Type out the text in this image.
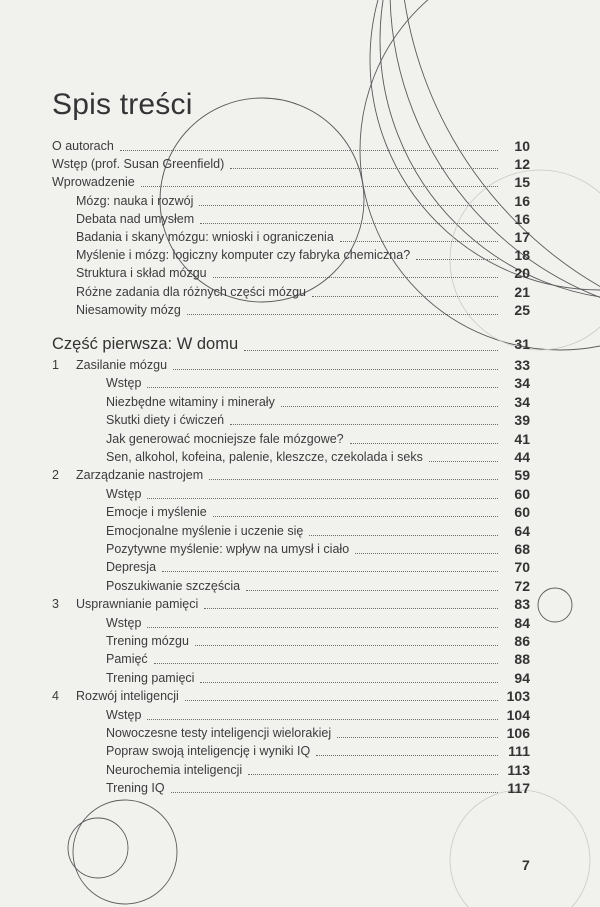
Spis treści
O autorach	10
Wstęp (prof. Susan Greenfield)	12
Wprowadzenie	15
Mózg: nauka i rozwój	16
Debata nad umysłem	16
Badania i skany mózgu: wnioski i ograniczenia	17
Myślenie i mózg: logiczny komputer czy fabryka chemiczna?	18
Struktura i skład mózgu	20
Różne zadania dla różnych części mózgu	21
Niesamowity mózg	25
Część pierwsza: W domu	31
1 Zasilanie mózgu	33
Wstęp	34
Niezbędne witaminy i minerały	34
Skutki diety i ćwiczeń	39
Jak generować mocniejsze fale mózgowe?	41
Sen, alkohol, kofeina, palenie, kleszcze, czekolada i seks	44
2 Zarządzanie nastrojem	59
Wstęp	60
Emocje i myślenie	60
Emocjonalne myślenie i uczenie się	64
Pozytywne myślenie: wpływ na umysł i ciało	68
Depresja	70
Poszukiwanie szczęścia	72
3 Usprawnianie pamięci	83
Wstęp	84
Trening mózgu	86
Pamięć	88
Trening pamięci	94
4 Rozwój inteligencji	103
Wstęp	104
Nowoczesne testy inteligencji wielorakiej	106
Popraw swoją inteligencję i wyniki IQ	111
Neurochemia inteligencji	113
Trening IQ	117
7
